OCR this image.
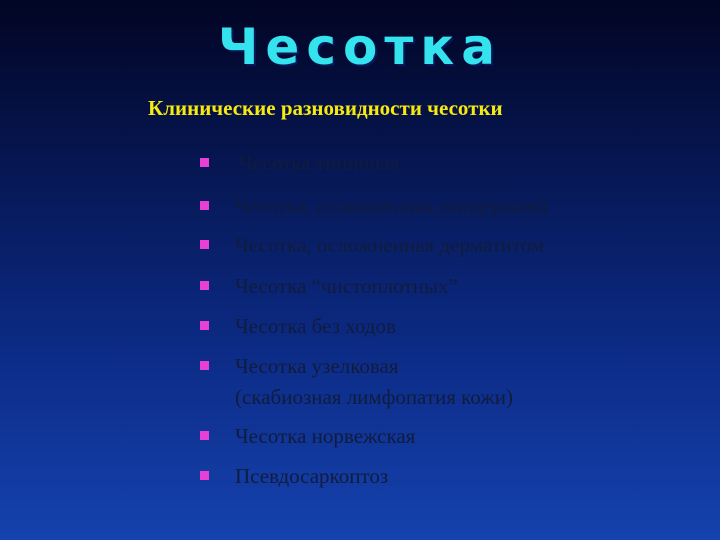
Чесотка
Клинические разновидности чесотки
Чесотка типичная
Чесотка, осложненная пиодермией
Чесотка, осложненная дерматитом
Чесотка “чистоплотных”
Чесотка без ходов
Чесотка узелковая
(скабиозная лимфопатия кожи)
Чесотка норвежская
Псевдосаркоптоз
